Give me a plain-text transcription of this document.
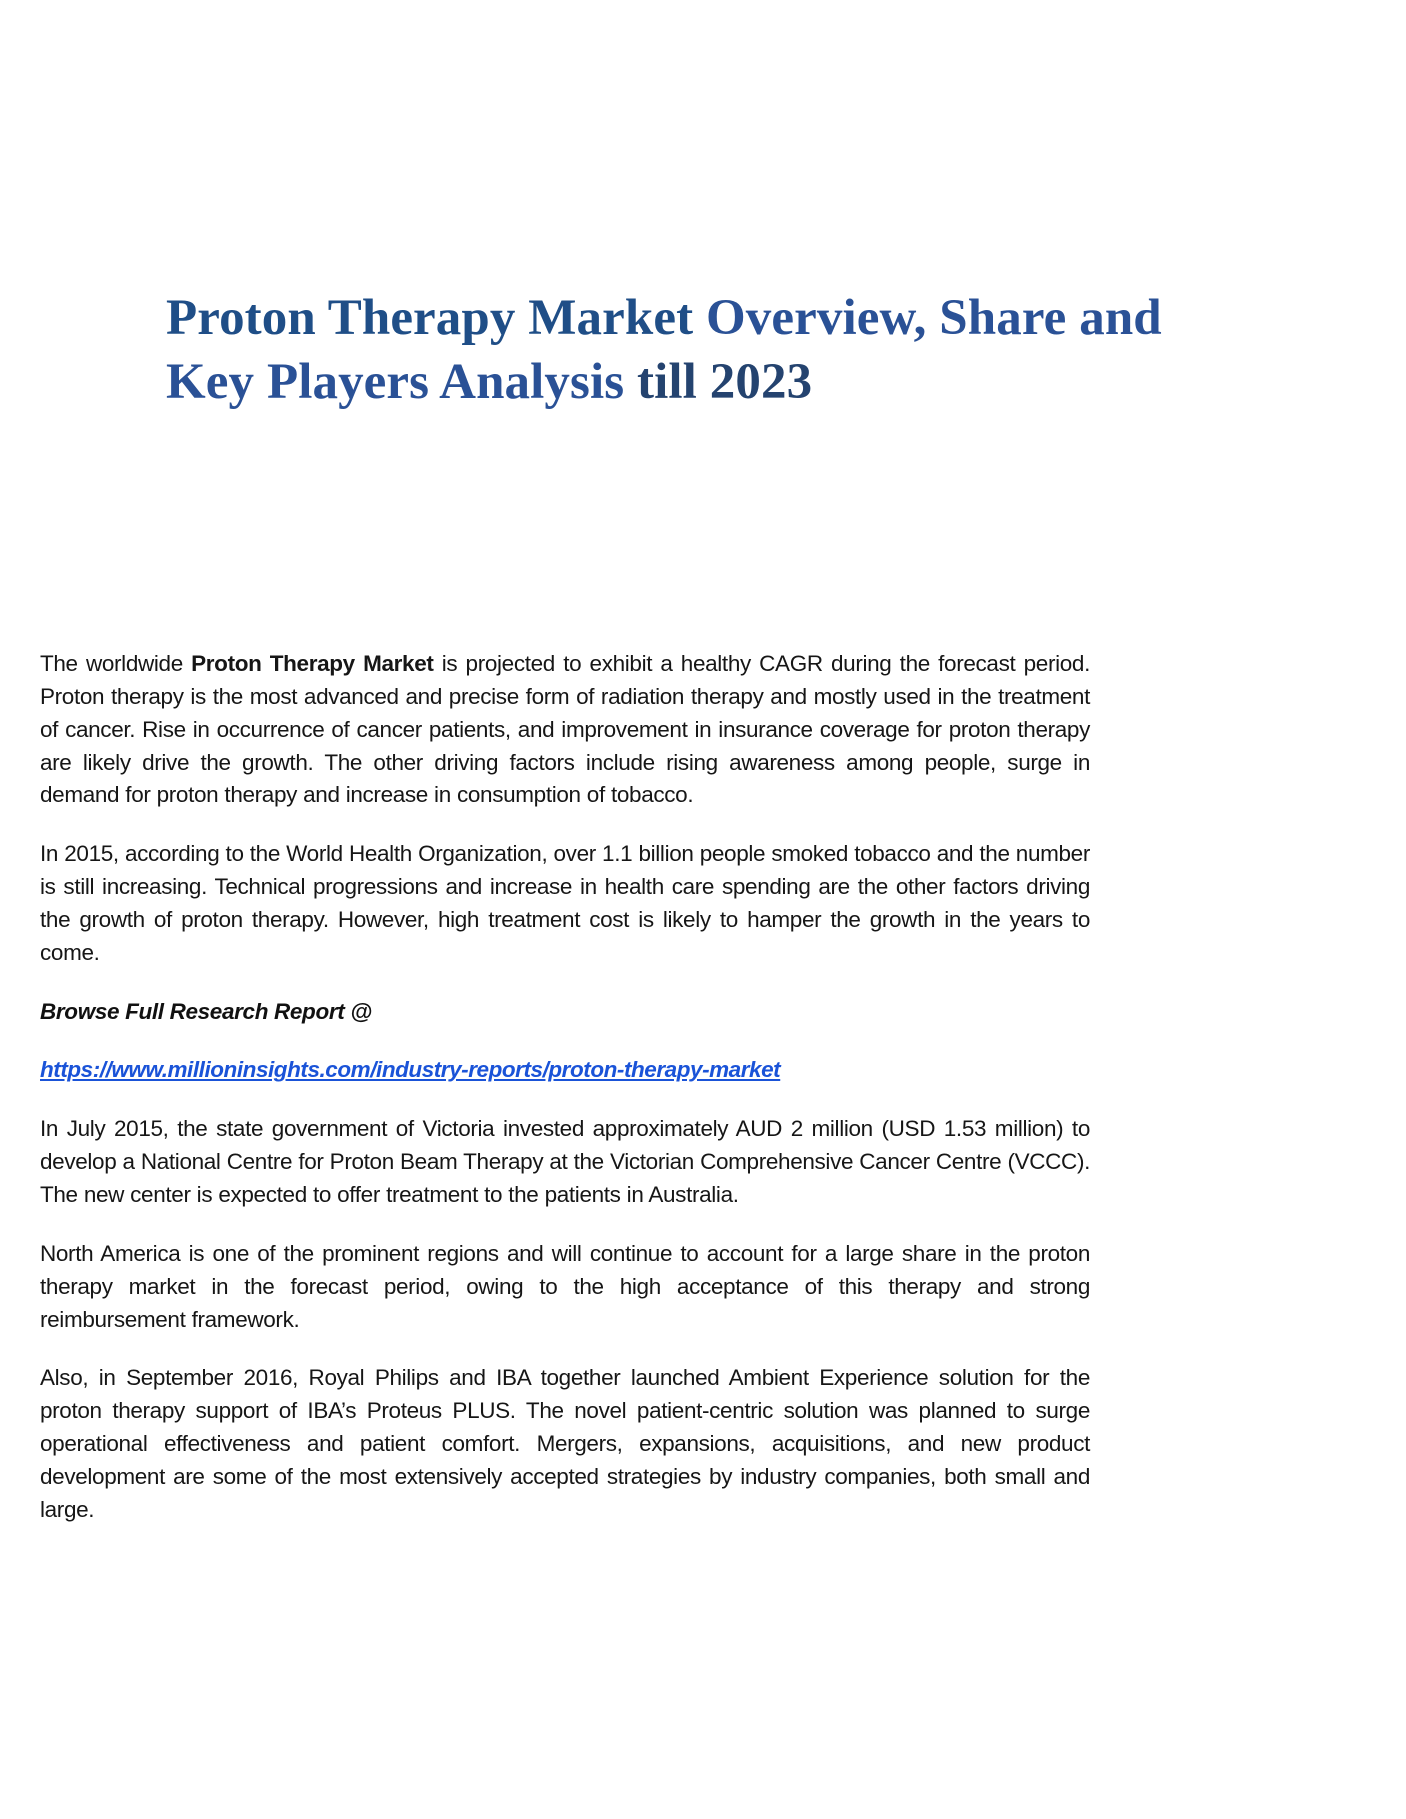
Proton Therapy Market Overview, Share and
Key Players Analysis till 2023

The worldwide Proton Therapy Market is projected to exhibit a healthy CAGR during the forecast period. Proton therapy is the most advanced and precise form of radiation therapy and mostly used in the treatment of cancer. Rise in occurrence of cancer patients, and improvement in insurance coverage for proton therapy are likely drive the growth. The other driving factors include rising awareness among people, surge in demand for proton therapy and increase in consumption of tobacco.

In 2015, according to the World Health Organization, over 1.1 billion people smoked tobacco and the number is still increasing. Technical progressions and increase in health care spending are the other factors driving the growth of proton therapy. However, high treatment cost is likely to hamper the growth in the years to come.

Browse Full Research Report @

https://www.millioninsights.com/industry-reports/proton-therapy-market

In July 2015, the state government of Victoria invested approximately AUD 2 million (USD 1.53 million) to develop a National Centre for Proton Beam Therapy at the Victorian Comprehensive Cancer Centre (VCCC). The new center is expected to offer treatment to the patients in Australia.

North America is one of the prominent regions and will continue to account for a large share in the proton therapy market in the forecast period, owing to the high acceptance of this therapy and strong reimbursement framework.

Also, in September 2016, Royal Philips and IBA together launched Ambient Experience solution for the proton therapy support of IBA’s Proteus PLUS. The novel patient-centric solution was planned to surge operational effectiveness and patient comfort. Mergers, expansions, acquisitions, and new product development are some of the most extensively accepted strategies by industry companies, both small and large.
